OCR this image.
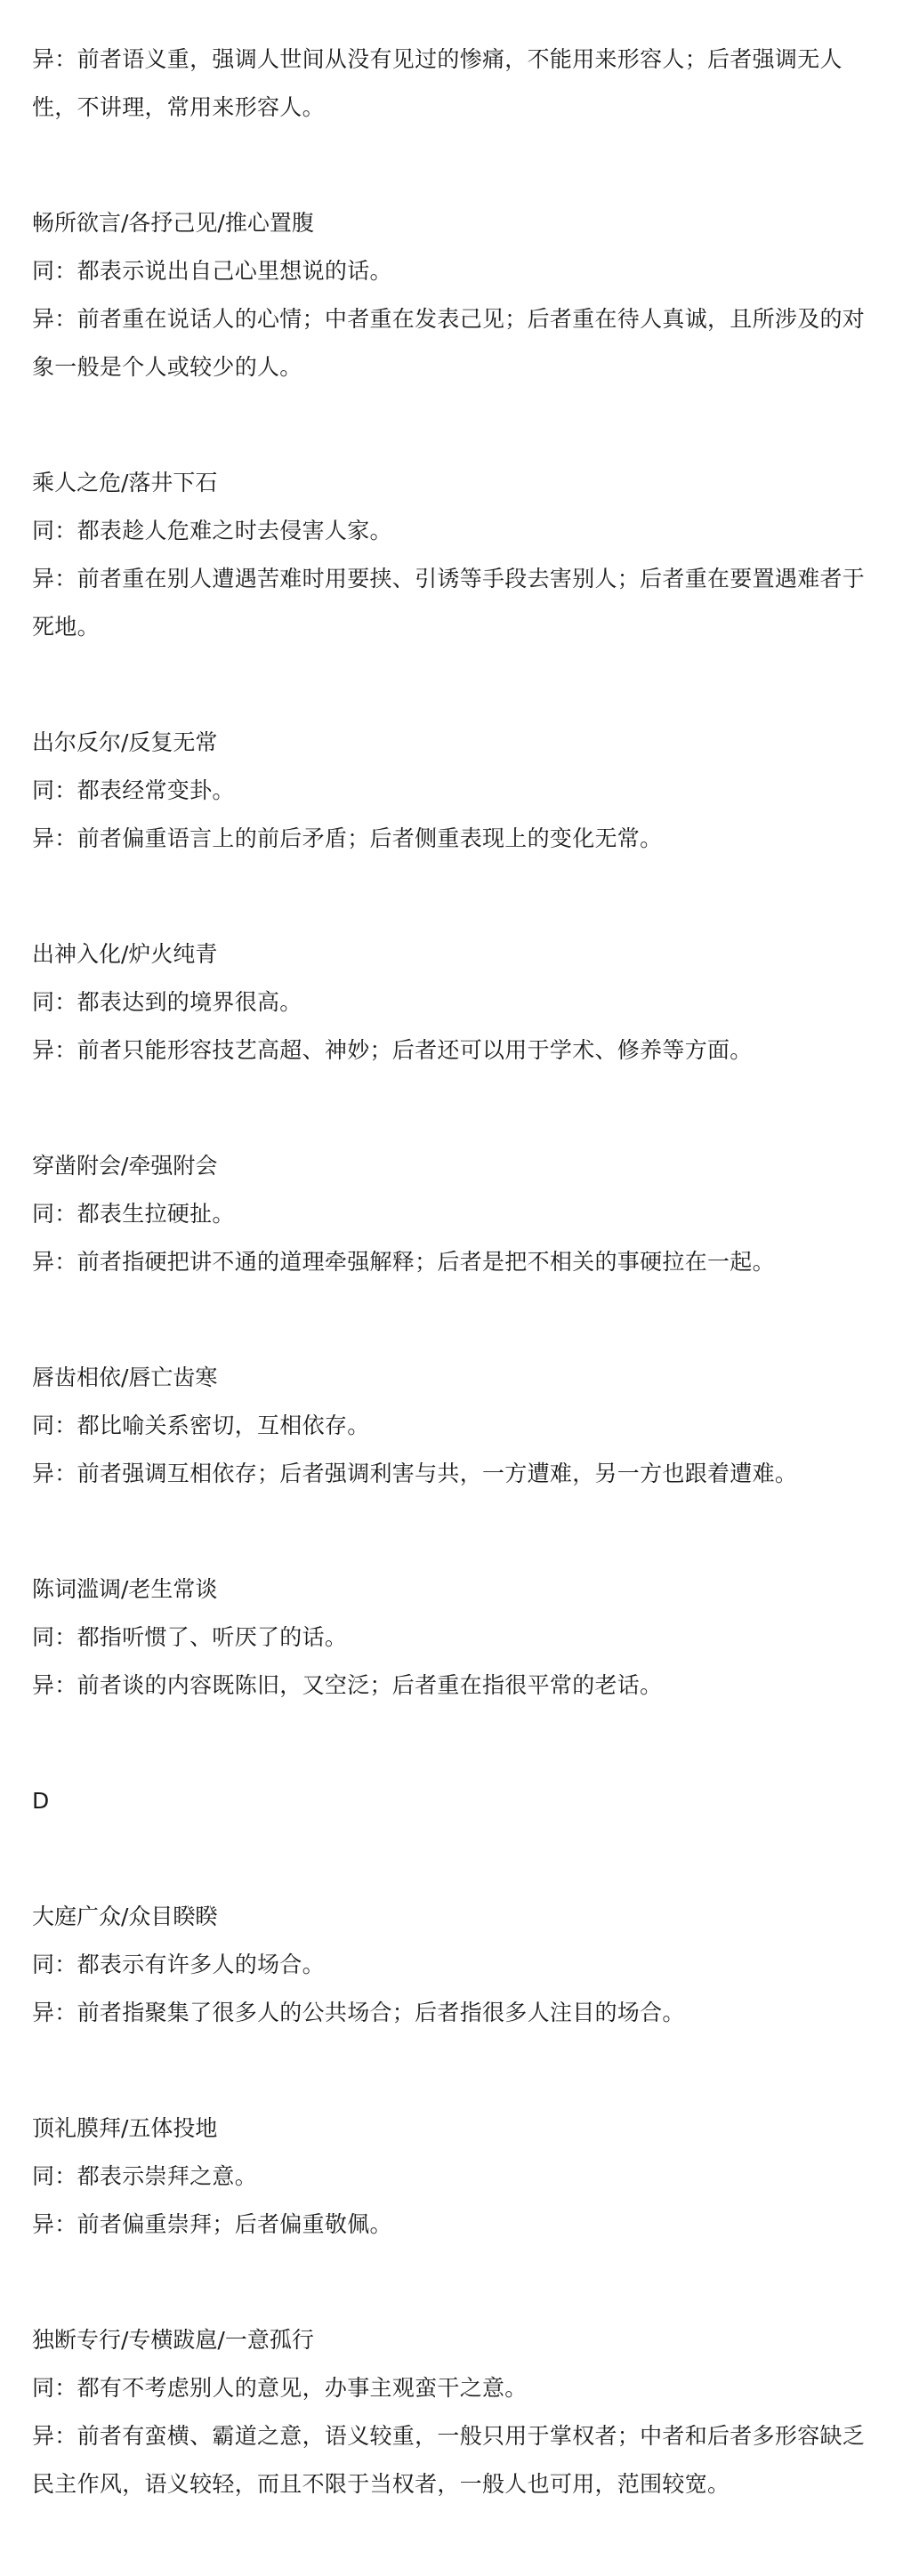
异：前者语义重，强调人世间从没有见过的惨痛，不能用来形容人；后者强调无人性，不讲理，常用来形容人。

畅所欲言/各抒己见/推心置腹

同：都表示说出自己心里想说的话。

异：前者重在说话人的心情；中者重在发表己见；后者重在待人真诚，且所涉及的对象一般是个人或较少的人。

乘人之危/落井下石

同：都表趁人危难之时去侵害人家。

异：前者重在别人遭遇苦难时用要挟、引诱等手段去害别人；后者重在要置遇难者于死地。

出尔反尔/反复无常

同：都表经常变卦。

异：前者偏重语言上的前后矛盾；后者侧重表现上的变化无常。

出神入化/炉火纯青

同：都表达到的境界很高。

异：前者只能形容技艺高超、神妙；后者还可以用于学术、修养等方面。

穿凿附会/牵强附会

同：都表生拉硬扯。

异：前者指硬把讲不通的道理牵强解释；后者是把不相关的事硬拉在一起。

唇齿相依/唇亡齿寒

同：都比喻关系密切，互相依存。

异：前者强调互相依存；后者强调利害与共，一方遭难，另一方也跟着遭难。

陈词滥调/老生常谈

同：都指听惯了、听厌了的话。

异：前者谈的内容既陈旧，又空泛；后者重在指很平常的老话。

D

大庭广众/众目睽睽

同：都表示有许多人的场合。

异：前者指聚集了很多人的公共场合；后者指很多人注目的场合。

顶礼膜拜/五体投地

同：都表示崇拜之意。

异：前者偏重崇拜；后者偏重敬佩。

独断专行/专横跋扈/一意孤行

同：都有不考虑别人的意见，办事主观蛮干之意。

异：前者有蛮横、霸道之意，语义较重，一般只用于掌权者；中者和后者多形容缺乏民主作风，语义较轻，而且不限于当权者，一般人也可用，范围较宽。
